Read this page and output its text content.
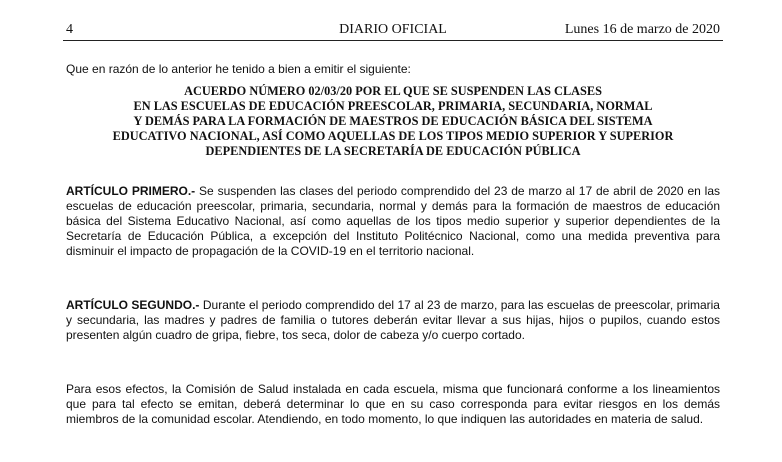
4	DIARIO OFICIAL	Lunes 16 de marzo de 2020
Que en razón de lo anterior he tenido a bien a emitir el siguiente:
ACUERDO NÚMERO 02/03/20 POR EL QUE SE SUSPENDEN LAS CLASES
EN LAS ESCUELAS DE EDUCACIÓN PREESCOLAR, PRIMARIA, SECUNDARIA, NORMAL
Y DEMÁS PARA LA FORMACIÓN DE MAESTROS DE EDUCACIÓN BÁSICA DEL SISTEMA
EDUCATIVO NACIONAL, ASÍ COMO AQUELLAS DE LOS TIPOS MEDIO SUPERIOR Y SUPERIOR
DEPENDIENTES DE LA SECRETARÍA DE EDUCACIÓN PÚBLICA
ARTÍCULO PRIMERO.- Se suspenden las clases del periodo comprendido del 23 de marzo al 17 de abril de 2020 en las escuelas de educación preescolar, primaria, secundaria, normal y demás para la formación de maestros de educación básica del Sistema Educativo Nacional, así como aquellas de los tipos medio superior y superior dependientes de la Secretaría de Educación Pública, a excepción del Instituto Politécnico Nacional, como una medida preventiva para disminuir el impacto de propagación de la COVID-19 en el territorio nacional.
ARTÍCULO SEGUNDO.- Durante el periodo comprendido del 17 al 23 de marzo, para las escuelas de preescolar, primaria y secundaria, las madres y padres de familia o tutores deberán evitar llevar a sus hijas, hijos o pupilos, cuando estos presenten algún cuadro de gripa, fiebre, tos seca, dolor de cabeza y/o cuerpo cortado.
Para esos efectos, la Comisión de Salud instalada en cada escuela, misma que funcionará conforme a los lineamientos que para tal efecto se emitan, deberá determinar lo que en su caso corresponda para evitar riesgos en los demás miembros de la comunidad escolar. Atendiendo, en todo momento, lo que indiquen las autoridades en materia de salud.
